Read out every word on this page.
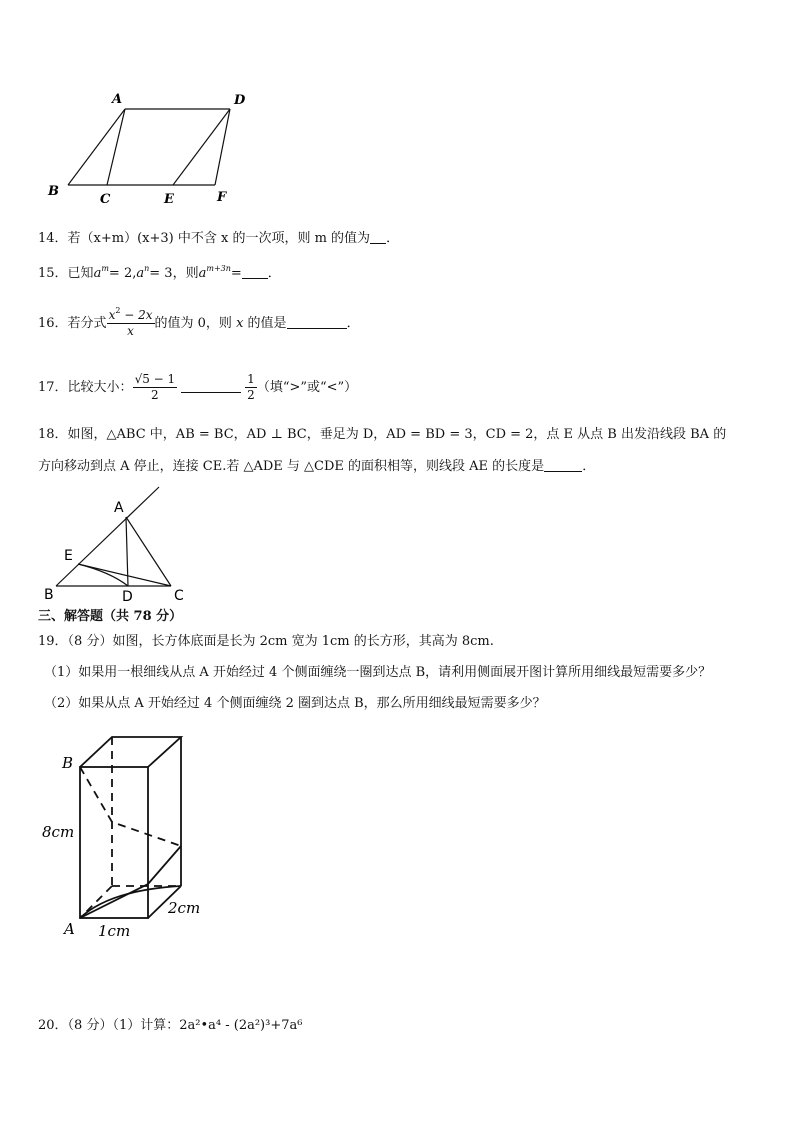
A	D
B
C	E	F
14．若（x+m）(x+3) 中不含 x 的一次项，则 m 的值为 ．
15．已知$a^m= 2,a^n= 3$，则$a^{m+3n}=$ ．
16．若分式 $\frac{x^2 - 2x}{x}$ 的值为 0，则 x 的值是	．
17．比较大小： $\frac{√5 - 1}{2}$	$\frac{1}{2}$ （填“>”或“<”）
18．如图，△ABC 中，AB = BC，AD ⊥ BC，垂足为 D，AD = BD = 3，CD = 2，点 E 从点 B 出发沿线段 BA 的
方向移动到点 A 停止，连接 CE.若 △ADE 与 △CDE 的面积相等，则线段 AE 的长度是	．
A
E
B	D	C
三、解答题（共 78 分）
19．（8 分）如图，长方体底面是长为 2cm 宽为 1cm 的长方形，其高为 8cm.
（1）如果用一根细线从点 A 开始经过 4 个侧面缠绕一圈到达点 B，请利用侧面展开图计算所用细线最短需要多少？
（2）如果从点 A 开始经过 4 个侧面缠绕 2 圈到达点 B，那么所用细线最短需要多少？
B
8cm
2cm
A 1cm
20．（8 分）（1）计算：2a²•a⁴ - (2a²)³+7a⁶
